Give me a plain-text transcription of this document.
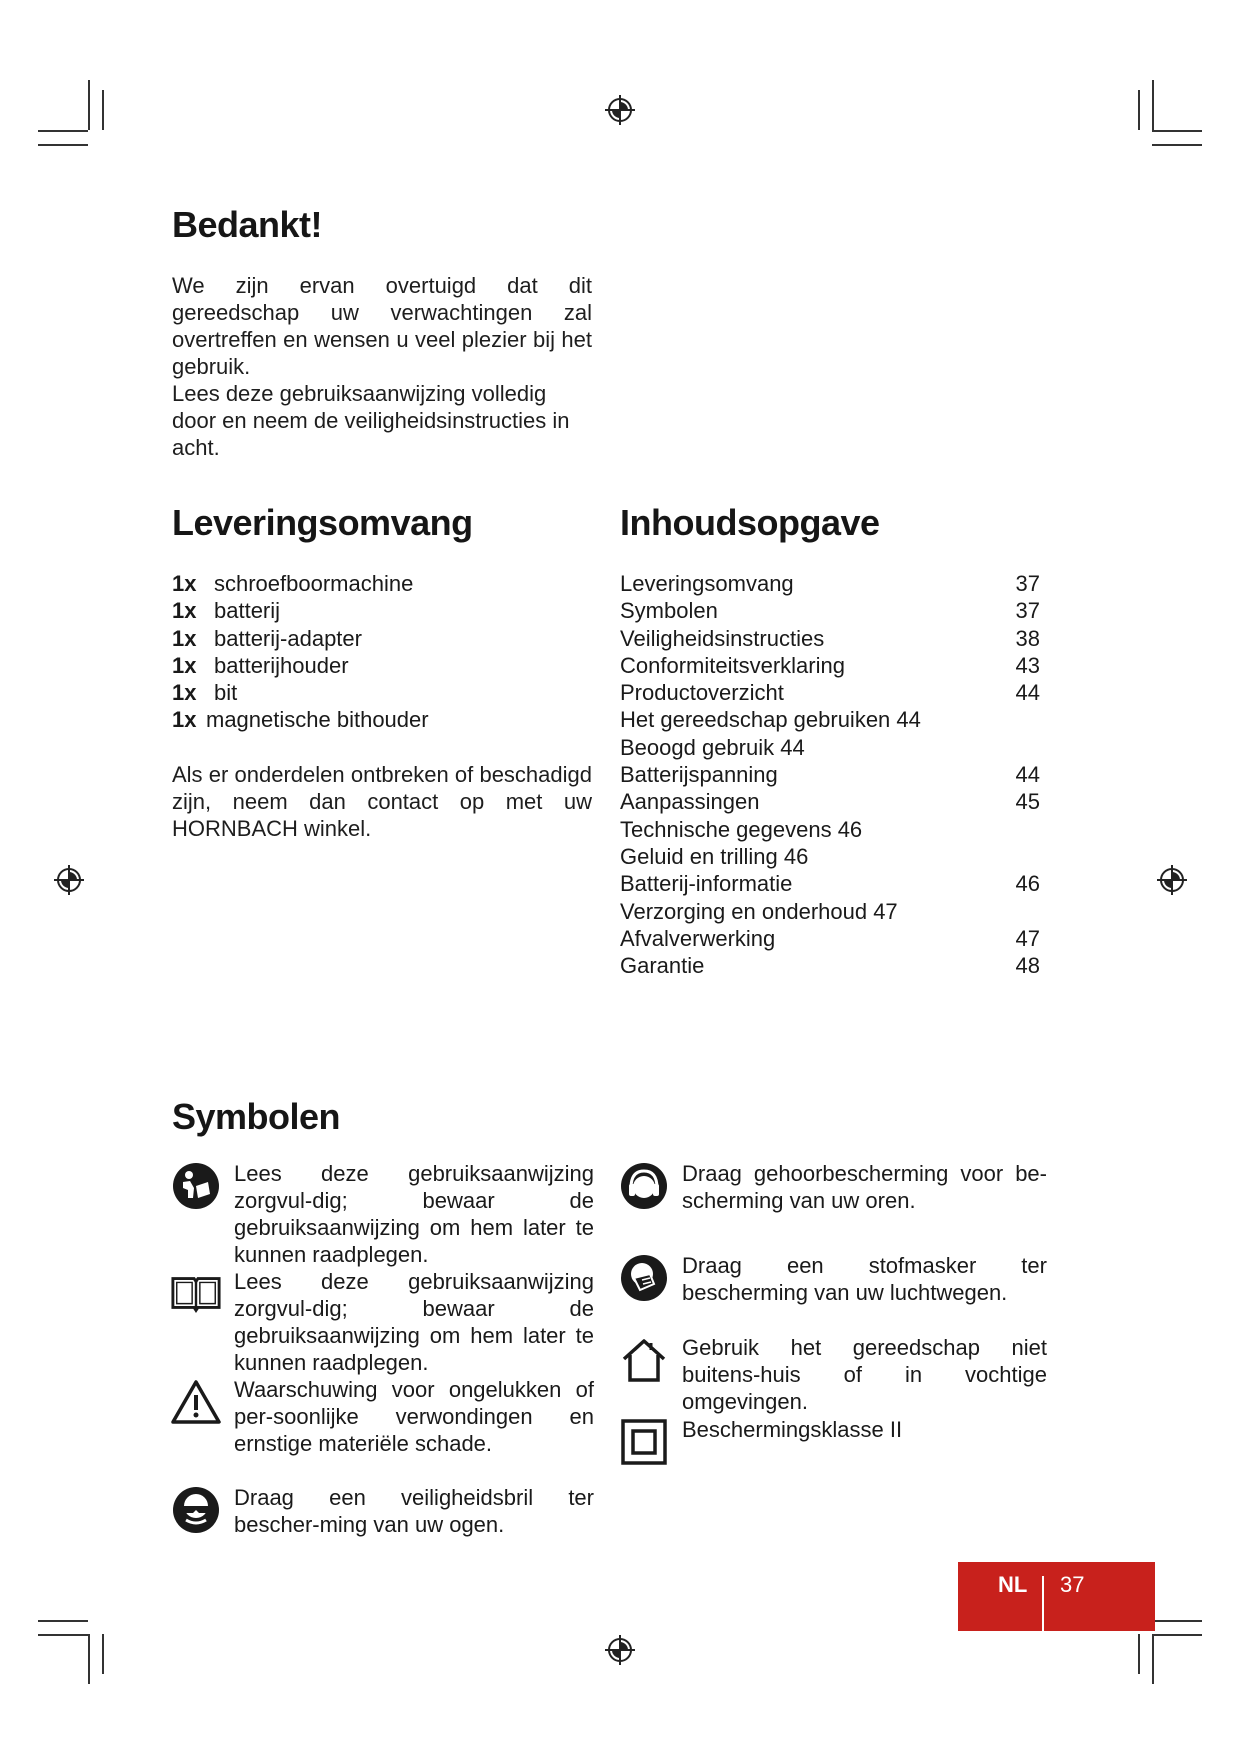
Bedankt!

We zijn ervan overtuigd dat dit gereedschap uw verwachtingen zal overtreffen en wensen u veel plezier bij het gebruik.

Lees deze gebruiksaanwijzing volledig door en neem de veiligheidsinstructies in acht.

Leveringsomvang
1x schroefboormachine
1x batterij
1x batterij-adapter
1x batterijhouder
1x bit
1x magnetische bithouder

Als er onderdelen ontbreken of beschadigd zijn, neem dan contact op met uw HORNBACH winkel.

Inhoudsopgave
Leveringsomvang	37
Symbolen	37
Veiligheidsinstructies	38
Conformiteitsverklaring	43
Productoverzicht	44
Het gereedschap gebruiken 44
Beoogd gebruik 44
Batterijspanning	44
Aanpassingen	45
Technische gegevens 46
Geluid en trilling 46
Batterij-informatie	46
Verzorging en onderhoud 47
Afvalverwerking	47
Garantie	48
Symbolen
Lees deze gebruiksaanwijzing zorgvul-dig; bewaar de gebruiksaanwijzing om hem later te kunnen raadplegen.
Lees deze gebruiksaanwijzing zorgvul-dig; bewaar de gebruiksaanwijzing om hem later te kunnen raadplegen.
Waarschuwing voor ongelukken of per-soonlijke verwondingen en ernstige materiële schade.
Draag een veiligheidsbril ter bescher-ming van uw ogen.
Draag gehoorbescherming voor be-scherming van uw oren.
Draag een stofmasker ter bescherming van uw luchtwegen.
Gebruik het gereedschap niet buitens-huis of in vochtige omgevingen.
Beschermingsklasse II
NL 37
